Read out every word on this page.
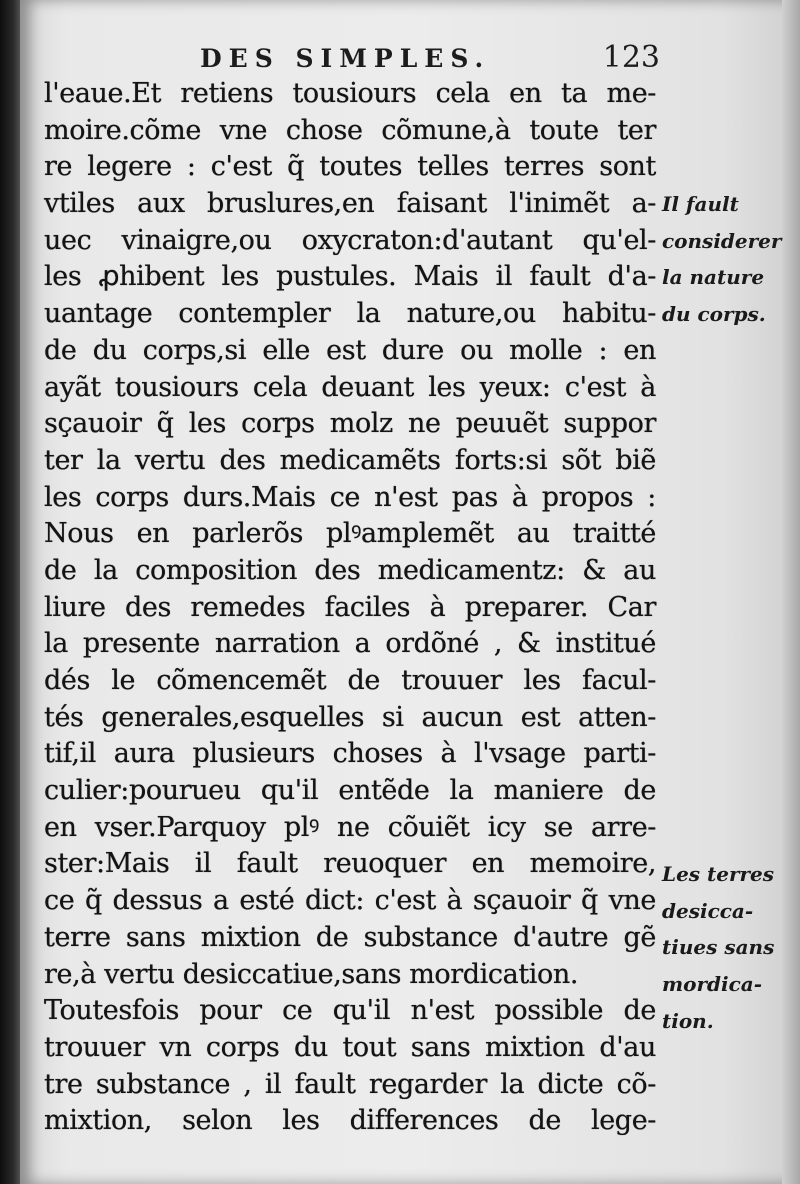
DES SIMPLES.	123
l'eaue.Et retiens tousiours cela en ta me-
moire.cõme vne chose cõmune,à toute ter
re legere : c'est q̃ toutes telles terres sont
vtiles aux bruslures,en faisant l'inimẽt a-
uec vinaigre,ou oxycraton:d'autant qu'el-
les ꝓhibent les pustules. Mais il fault d'a-
uantage contempler la nature,ou habitu-
de du corps,si elle est dure ou molle : en
ayãt tousiours cela deuant les yeux: c'est à
sçauoir q̃ les corps molz ne peuuẽt suppor
ter la vertu des medicamẽts forts:si sõt biẽ
les corps durs.Mais ce n'est pas à propos :
Nous en parlerõs plꝰamplemẽt au traitté
de la composition des medicamentz: & au
liure des remedes faciles à preparer. Car
la presente narration a ordõné , & institué
dés le cõmencemẽt de trouuer les facul-
tés generales,esquelles si aucun est atten-
tif,il aura plusieurs choses à l'vsage parti-
culier:pourueu qu'il entẽde la maniere de
en vser.Parquoy plꝰ ne cõuiẽt icy se arre-
ster:Mais il fault reuoquer en memoire,
ce q̃ dessus a esté dict: c'est à sçauoir q̃ vne
terre sans mixtion de substance d'autre gẽ
re,à vertu desiccatiue,sans mordication.
Toutesfois pour ce qu'il n'est possible de
trouuer vn corps du tout sans mixtion d'au
tre substance , il fault regarder la dicte cõ-
mixtion, selon les differences de lege-
Il fault
considerer
la nature
du corps.
Les terres
desicca-
tiues sans
mordica-
tion.
